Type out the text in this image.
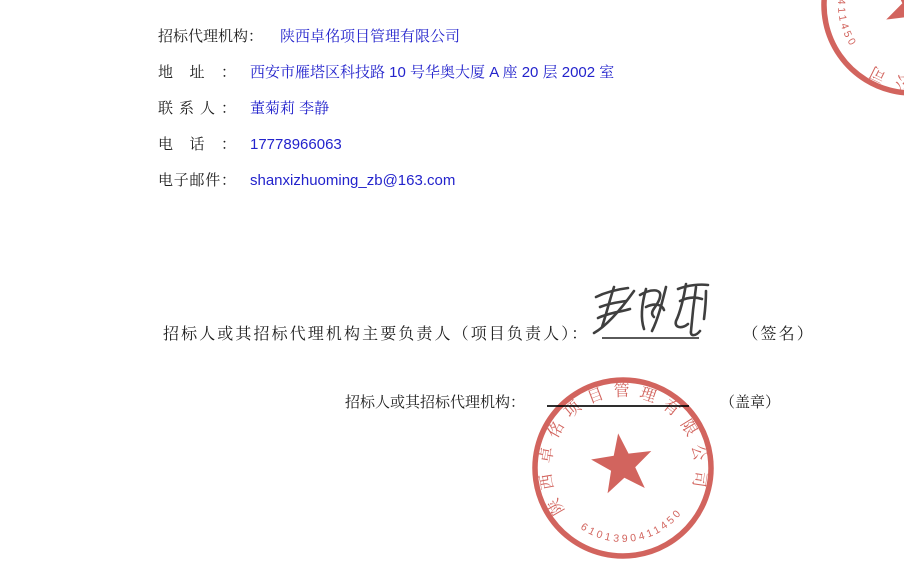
招标代理机构： 陕西卓佲项目管理有限公司
地址： 西安市雁塔区科技路 10 号华奥大厦 A 座 20 层 2002 室
联系人： 董菊莉 李静
电话： 17778966063
电子邮件： shanxizhuoming_zb@163.com
招标人或其招标代理机构主要负责人（项目负责人）：	（签名）
招标人或其招标代理机构：	（盖章）
